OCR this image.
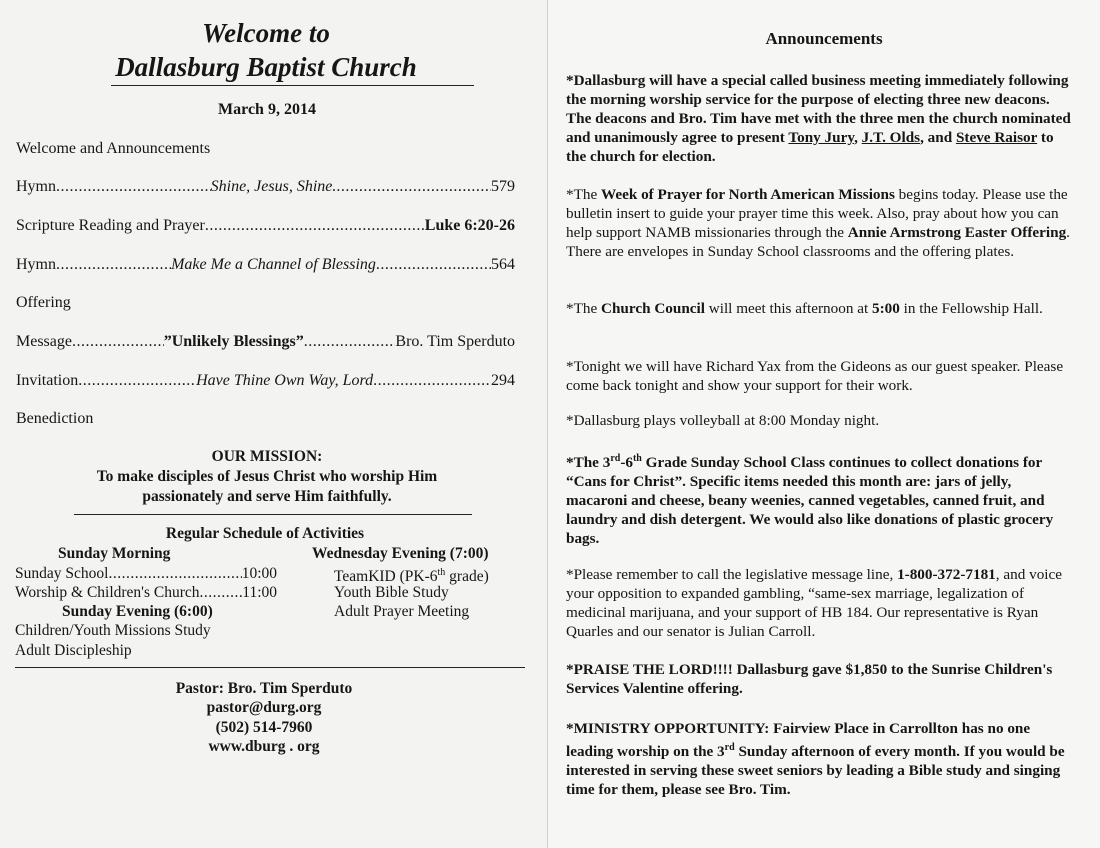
Welcome to
Dallasburg Baptist Church
March 9, 2014
Welcome and Announcements
Hymn .....	Shine, Jesus, Shine. .....	579
Scripture Reading and Prayer .....	Luke 6:20-26
Hymn .....	Make Me a Channel of Blessing .....	564
Offering
Message .....	”Unlikely Blessings” .....	Bro. Tim Sperduto
Invitation .....	Have Thine Own Way, Lord .....	294
Benediction
OUR MISSION:
To make disciples of Jesus Christ who worship Him
passionately and serve Him faithfully.
Regular Schedule of Activities
Sunday Morning
Sunday School .....	10:00
Worship & Children's Church .....	11:00
Sunday Evening (6:00)
Children/Youth Missions Study
Adult Discipleship
Wednesday Evening (7:00)
TeamKID (PK-6th grade)
Youth Bible Study
Adult Prayer Meeting
Pastor: Bro. Tim Sperduto
pastor@durg.org
(502) 514-7960
www.dburg . org
Announcements

*Dallasburg will have a special called business meeting immediately following the morning worship service for the purpose of electing three new deacons. The deacons and Bro. Tim have met with the three men the church nominated and unanimously agree to present Tony Jury, J.T. Olds, and Steve Raisor to the church for election.

*The Week of Prayer for North American Missions begins today. Please use the bulletin insert to guide your prayer time this week. Also, pray about how you can help support NAMB missionaries through the Annie Armstrong Easter Offering. There are envelopes in Sunday School classrooms and the offering plates.

*The Church Council will meet this afternoon at 5:00 in the Fellowship Hall.

*Tonight we will have Richard Yax from the Gideons as our guest speaker. Please come back tonight and show your support for their work.

*Dallasburg plays volleyball at 8:00 Monday night.

*The 3rd-6th Grade Sunday School Class continues to collect donations for “Cans for Christ”. Specific items needed this month are: jars of jelly, macaroni and cheese, beany weenies, canned vegetables, canned fruit, and laundry and dish detergent. We would also like donations of plastic grocery bags.

*Please remember to call the legislative message line, 1-800-372-7181, and voice your opposition to expanded gambling, “same-sex marriage, legalization of medicinal marijuana, and your support of HB 184. Our representative is Ryan Quarles and our senator is Julian Carroll.

*PRAISE THE LORD!!!! Dallasburg gave $1,850 to the Sunrise Children's Services Valentine offering.

*MINISTRY OPPORTUNITY: Fairview Place in Carrollton has no one leading worship on the 3rd Sunday afternoon of every month. If you would be interested in serving these sweet seniors by leading a Bible study and singing time for them, please see Bro. Tim.
